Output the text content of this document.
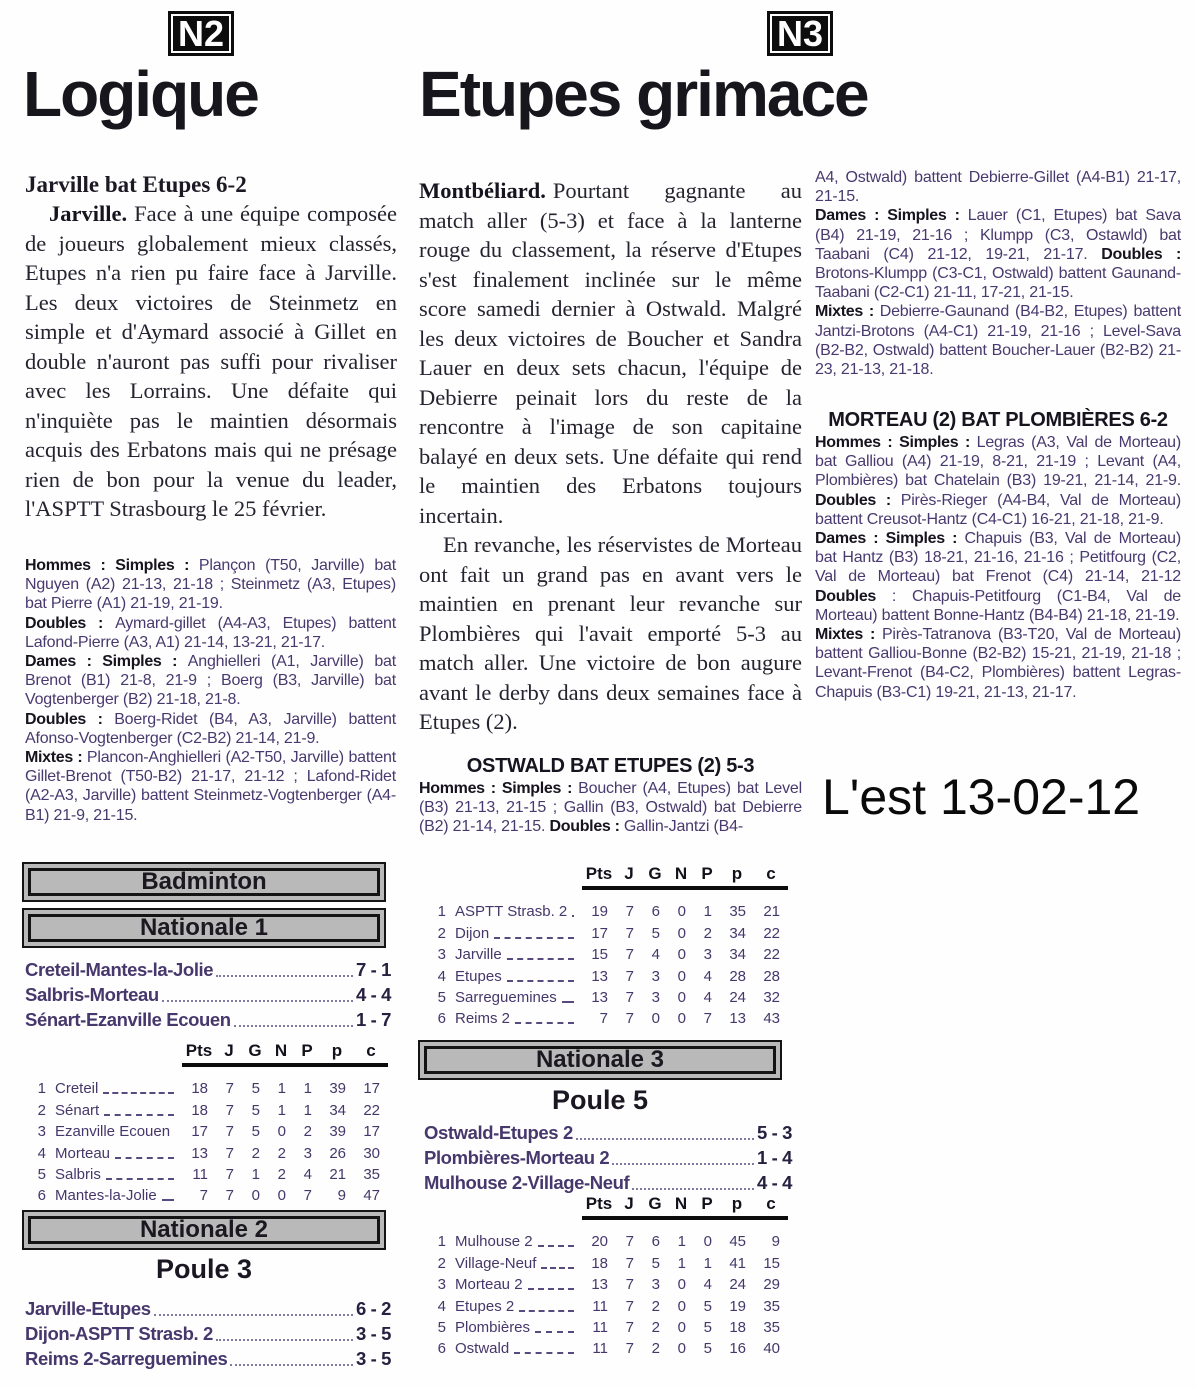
N2
Logique
Jarville bat Etupes 6-2

Jarville. Face à une équipe composée de joueurs globalement mieux classés, Etupes n'a rien pu faire face à Jarville. Les deux victoires de Steinmetz en simple et d'Aymard associé à Gillet en double n'auront pas suffi pour rivaliser avec les Lorrains. Une défaite qui n'inquiète pas le maintien désormais acquis des Erbatons mais qui ne présage rien de bon pour la venue du leader, l'ASPTT Strasbourg le 25 février.

Hommes : Simples : Plançon (T50, Jarville) bat Nguyen (A2) 21-13, 21-18 ; Steinmetz (A3, Etupes) bat Pierre (A1) 21-19, 21-19.
Doubles : Aymard-gillet (A4-A3, Etupes) battent Lafond-Pierre (A3, A1) 21-14, 13-21, 21-17.
Dames : Simples : Anghielleri (A1, Jarville) bat Brenot (B1) 21-8, 21-9 ; Boerg (B3, Jarville) bat Vogtenberger (B2) 21-18, 21-8.
Doubles : Boerg-Ridet (B4, A3, Jarville) battent Afonso-Vogtenberger (C2-B2) 21-14, 21-9.
Mixtes : Plancon-Anghielleri (A2-T50, Jarville) battent Gillet-Brenot (T50-B2) 21-17, 21-12 ; Lafond-Ridet (A2-A3, Jarville) battent Steinmetz-Vogtenberger (A4-B1) 21-9, 21-15.
Badminton
Nationale 1
Creteil-Mantes-la-Jolie	7 - 1
Salbris-Morteau	4 - 4
Sénart-Ezanville Ecouen	1 - 7
Pts J G N P	p	c
1 Creteil	18	7	5	1	1	39	17
2 Sénart	18	7	5	1	1	34	22
3 Ezanville Ecouen	17	7	5	0	2	39	17
4 Morteau	13	7	2	2	3	26	30
5 Salbris	11	7	1	2	4	21	35
6 Mantes-la-Jolie	7	7	0	0	7	9	47
Nationale 2
Poule 3
Jarville-Etupes	6 - 2
Dijon-ASPTT Strasb. 2	3 - 5
Reims 2-Sarreguemines	3 - 5
N3
Etupes grimace

Montbéliard. Pourtant gagnante au match aller (5-3) et face à la lanterne rouge du classement, la réserve d'Etupes s'est finalement inclinée sur le même score samedi dernier à Ostwald. Malgré les deux victoires de Boucher et Sandra Lauer en deux sets chacun, l'équipe de Debierre peinait lors du reste de la rencontre à l'image de son capitaine balayé en deux sets. Une défaite qui rend le maintien des Erbatons toujours incertain.

En revanche, les réservistes de Morteau ont fait un grand pas en avant vers le maintien en prenant leur revanche sur Plombières qui l'avait emporté 5-3 au match aller. Une victoire de bon augure avant le derby dans deux semaines face à Etupes (2).

OSTWALD BAT ETUPES (2) 5-3
Hommes : Simples : Boucher (A4, Etupes) bat Level (B3) 21-13, 21-15 ; Gallin (B3, Ostwald) bat Debierre (B2) 21-14, 21-15. Doubles : Gallin-Jantzi (B4-
Pts J G N P	p	c
1 ASPTT Strasb. 2	19	7	6	0	1	35	21
2 Dijon	17	7	5	0	2	34	22
3 Jarville	15	7	4	0	3	34	22
4 Etupes	13	7	3	0	4	28	28
5 Sarreguemines	13	7	3	0	4	24	32
6 Reims 2	7	7	0	0	7	13	43
Nationale 3
Poule 5
Ostwald-Etupes 2	5 - 3
Plombières-Morteau 2	1 - 4
Mulhouse 2-Village-Neuf	4 - 4
Pts J G N P	p	c
1 Mulhouse 2	20	7	6	1	0	45	9
2 Village-Neuf	18	7	5	1	1	41	15
3 Morteau 2	13	7	3	0	4	24	29
4 Etupes 2	11	7	2	0	5	19	35
5 Plombières	11	7	2	0	5	18	35
6 Ostwald	11	7	2	0	5	16	40
A4, Ostwald) battent Debierre-Gillet (A4-B1) 21-17, 21-15.
Dames : Simples : Lauer (C1, Etupes) bat Sava (B4) 21-19, 21-16 ; Klumpp (C3, Ostawld) bat Taabani (C4) 21-12, 19-21, 21-17. Doubles : Brotons-Klumpp (C3-C1, Ostwald) battent Gaunand-Taabani (C2-C1) 21-11, 17-21, 21-15.
Mixtes : Debierre-Gaunand (B4-B2, Etupes) battent Jantzi-Brotons (A4-C1) 21-19, 21-16 ; Level-Sava (B2-B2, Ostwald) battent Boucher-Lauer (B2-B2) 21-23, 21-13, 21-18.
MORTEAU (2) BAT PLOMBIÈRES 6-2
Hommes : Simples : Legras (A3, Val de Morteau) bat Galliou (A4) 21-19, 8-21, 21-19 ; Levant (A4, Plombières) bat Chatelain (B3) 19-21, 21-14, 21-9. Doubles : Pirès-Rieger (A4-B4, Val de Morteau) battent Creusot-Hantz (C4-C1) 16-21, 21-18, 21-9.
Dames : Simples : Chapuis (B3, Val de Morteau) bat Hantz (B3) 18-21, 21-16, 21-16 ; Petitfourg (C2, Val de Morteau) bat Frenot (C4) 21-14, 21-12 Doubles : Chapuis-Petitfourg (C1-B4, Val de Morteau) battent Bonne-Hantz (B4-B4) 21-18, 21-19.
Mixtes : Pirès-Tatranova (B3-T20, Val de Morteau) battent Galliou-Bonne (B2-B2) 15-21, 21-19, 21-18 ; Levant-Frenot (B4-C2, Plombières) battent Legras-Chapuis (B3-C1) 19-21, 21-13, 21-17.
L'est 13-02-12
